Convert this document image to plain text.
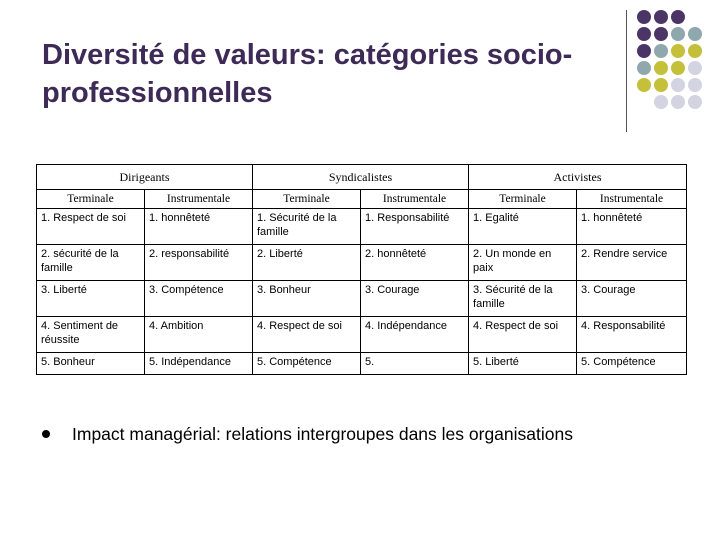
Diversité de valeurs: catégories socio-professionnelles
Dirigeants		Syndicalistes		Activistes	
Terminale	Instrumentale	Terminale	Instrumentale	Terminale	Instrumentale
1. Respect de soi	1. honnêteté	1. Sécurité de la famille	1. Responsabilité	1. Egalité	1. honnêteté
2. sécurité de la famille	2. responsabilité	2. Liberté	2. honnêteté	2. Un monde en paix	2. Rendre service
3. Liberté	3. Compétence	3. Bonheur	3. Courage	3. Sécurité de la famille	3. Courage
4. Sentiment de réussite	4. Ambition	4. Respect de soi	4. Indépendance	4. Respect de soi	4. Responsabilité
5. Bonheur	5. Indépendance	5. Compétence	5.	5. Liberté	5. Compétence

Impact managérial: relations intergroupes dans les organisations
